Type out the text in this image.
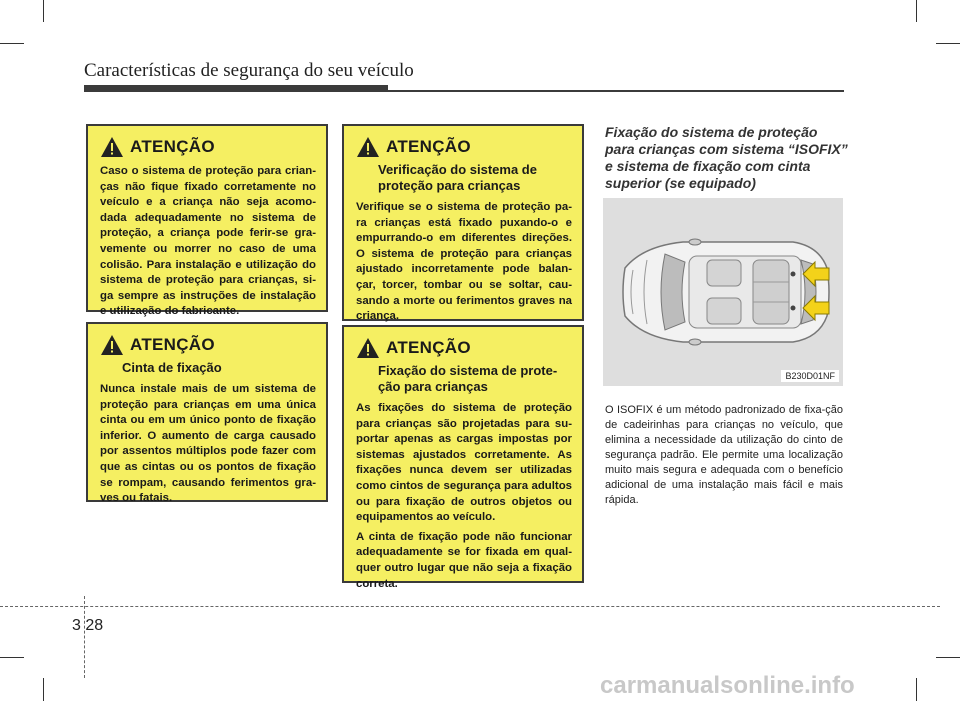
Características de segurança do seu veículo
ATENÇÃO

Caso o sistema de proteção para crian-ças não fique fixado corretamente no veículo e a criança não seja acomo-dada adequadamente no sistema de proteção, a criança pode ferir-se gra-vemente ou morrer no caso de uma colisão. Para instalação e utilização do sistema de proteção para crianças, si-ga sempre as instruções de instalação e utilização do fabricante.

ATENÇÃO
Cinta de fixação

Nunca instale mais de um sistema de proteção para crianças em uma única cinta ou em um único ponto de fixação inferior. O aumento de carga causado por assentos múltiplos pode fazer com que as cintas ou os pontos de fixação se rompam, causando ferimentos gra-ves ou fatais.

ATENÇÃO
Verificação do sistema de proteção para crianças

Verifique se o sistema de proteção pa-ra crianças está fixado puxando-o e empurrando-o em diferentes direções. O sistema de proteção para crianças ajustado incorretamente pode balan-çar, torcer, tombar ou se soltar, cau-sando a morte ou ferimentos graves na criança.

ATENÇÃO
Fixação do sistema de prote-ção para crianças

As fixações do sistema de proteção para crianças são projetadas para su-portar apenas as cargas impostas por sistemas ajustados corretamente. As fixações nunca devem ser utilizadas como cintos de segurança para adultos ou para fixação de outros objetos ou equipamentos ao veículo.

A cinta de fixação pode não funcionar adequadamente se for fixada em qual-quer outro lugar que não seja a fixação correta.

Fixação do sistema de proteção para crianças com sistema “ISOFIX” e sistema de fixação com cinta superior (se equipado)
B230D01NF
O ISOFIX é um método padronizado de fixa-ção de cadeirinhas para crianças no veículo, que elimina a necessidade da utilização do cinto de segurança padrão. Ele permite uma localização muito mais segura e adequada com o benefício adicional de uma instalação mais fácil e mais rápida.
3 28
carmanualsonline.info
